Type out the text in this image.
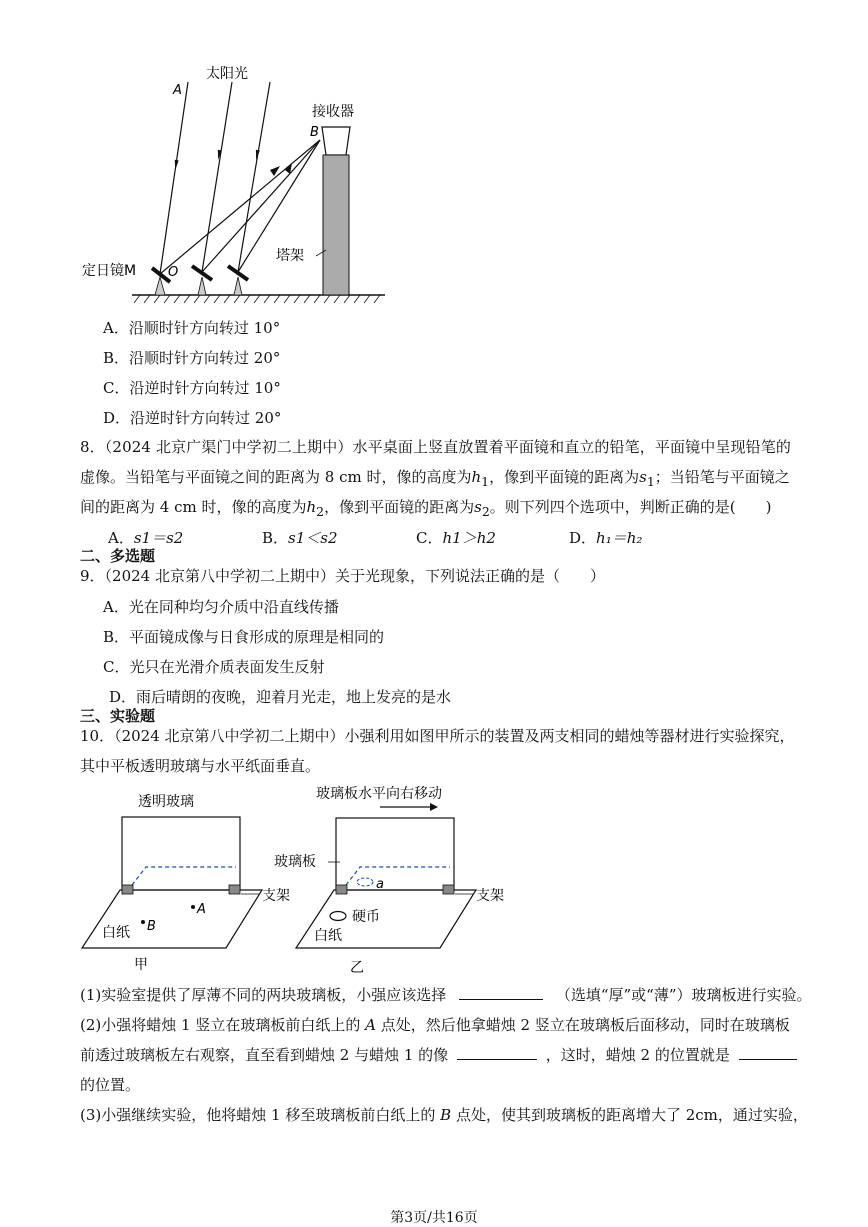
太阳光
接收器
A
B
O
塔架
定日镜M
A．沿顺时针方向转过 10°
B．沿顺时针方向转过 20°
C．沿逆时针方向转过 10°
D．沿逆时针方向转过 20°
8．（2024 北京广渠门中学初二上期中）水平桌面上竖直放置着平面镜和直立的铅笔，平面镜中呈现铅笔的
虚像。当铅笔与平面镜之间的距离为 8 cm 时，像的高度为$h_1$，像到平面镜的距离为$s_1$；当铅笔与平面镜之
间的距离为 4 cm 时，像的高度为$h_2$，像到平面镜的距离为$s_2$。则下列四个选项中，判断正确的是(　　)
A．s1＝s2	B．s1＜s2	C．h1＞h2	D．h₁＝h₂
二、多选题
9．（2024 北京第八中学初二上期中）关于光现象，下列说法正确的是（　　）
A．光在同种均匀介质中沿直线传播
B．平面镜成像与日食形成的原理是相同的
C．光只在光滑介质表面发生反射
D．雨后晴朗的夜晚，迎着月光走，地上发亮的是水
三、实验题
10．（2024 北京第八中学初二上期中）小强利用如图甲所示的装置及两支相同的蜡烛等器材进行实验探究，
其中平板透明玻璃与水平纸面垂直。
透明玻璃
支架
白纸
A
B
甲
玻璃板水平向右移动
玻璃板
a
支架
硬币
白纸
乙
(1)实验室提供了厚薄不同的两块玻璃板，小强应该选择	（选填“厚”或“薄”）玻璃板进行实验。
(2)小强将蜡烛 1 竖立在玻璃板前白纸上的 A 点处，然后他拿蜡烛 2 竖立在玻璃板后面移动，同时在玻璃板
前透过玻璃板左右观察，直至看到蜡烛 2 与蜡烛 1 的像	，这时，蜡烛 2 的位置就是
的位置。
(3)小强继续实验，他将蜡烛 1 移至玻璃板前白纸上的 B 点处，使其到玻璃板的距离增大了 2cm，通过实验，
第3页/共16页
